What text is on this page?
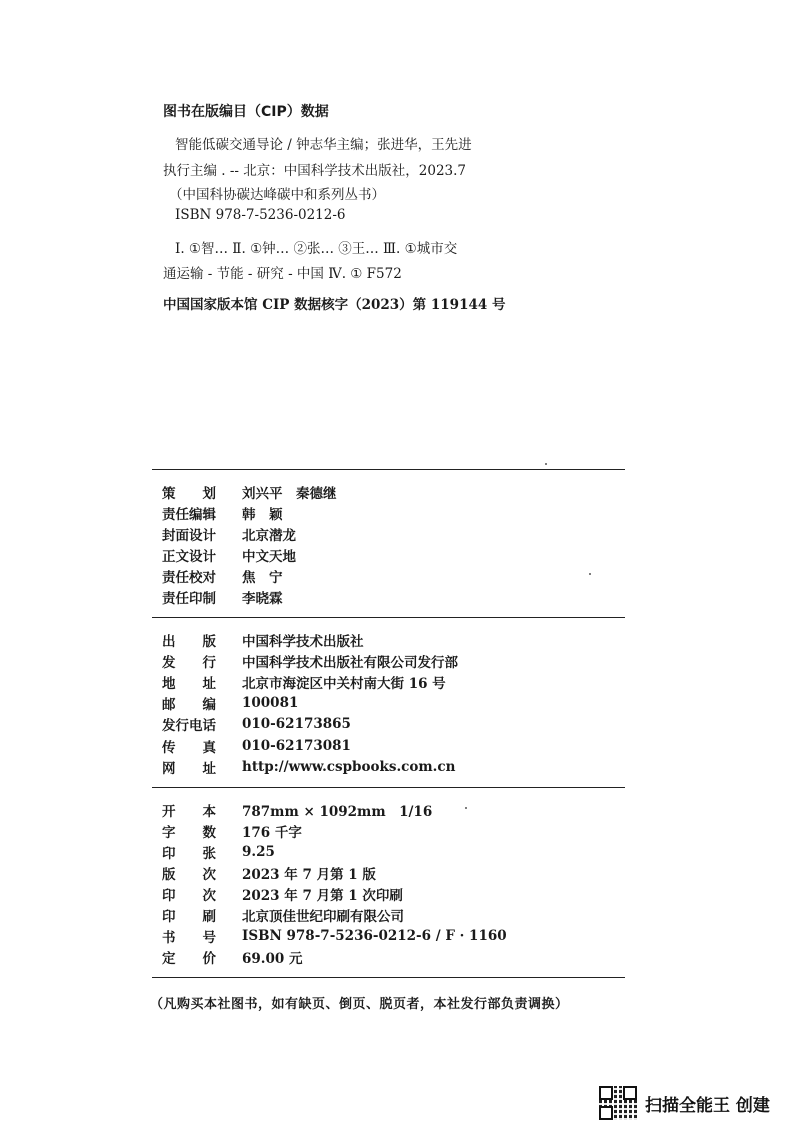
图书在版编目（CIP）数据
智能低碳交通导论 / 钟志华主编；张进华，王先进
执行主编 . -- 北京：中国科学技术出版社，2023.7
（中国科协碳达峰碳中和系列丛书）
ISBN 978-7-5236-0212-6
Ⅰ. ①智… Ⅱ. ①钟… ②张… ③王… Ⅲ. ①城市交
通运输 - 节能 - 研究 - 中国 Ⅳ. ① F572
中国国家版本馆 CIP 数据核字（2023）第 119144 号
策　　划	刘兴平　秦德继
责任编辑	韩　颖
封面设计	北京潜龙
正文设计	中文天地
责任校对	焦　宁
责任印制	李晓霖
出　　版	中国科学技术出版社
发　　行	中国科学技术出版社有限公司发行部
地　　址	北京市海淀区中关村南大街 16 号
邮　　编	100081
发行电话	010-62173865
传　　真	010-62173081
网　　址	http://www.cspbooks.com.cn
开　　本	787mm × 1092mm　1/16
字　　数	176 千字
印　　张	9.25
版　　次	2023 年 7 月第 1 版
印　　次	2023 年 7 月第 1 次印刷
印　　刷	北京顶佳世纪印刷有限公司
书　　号	ISBN 978-7-5236-0212-6 / F · 1160
定　　价	69.00 元
（凡购买本社图书，如有缺页、倒页、脱页者，本社发行部负责调换）
扫描全能王 创建
